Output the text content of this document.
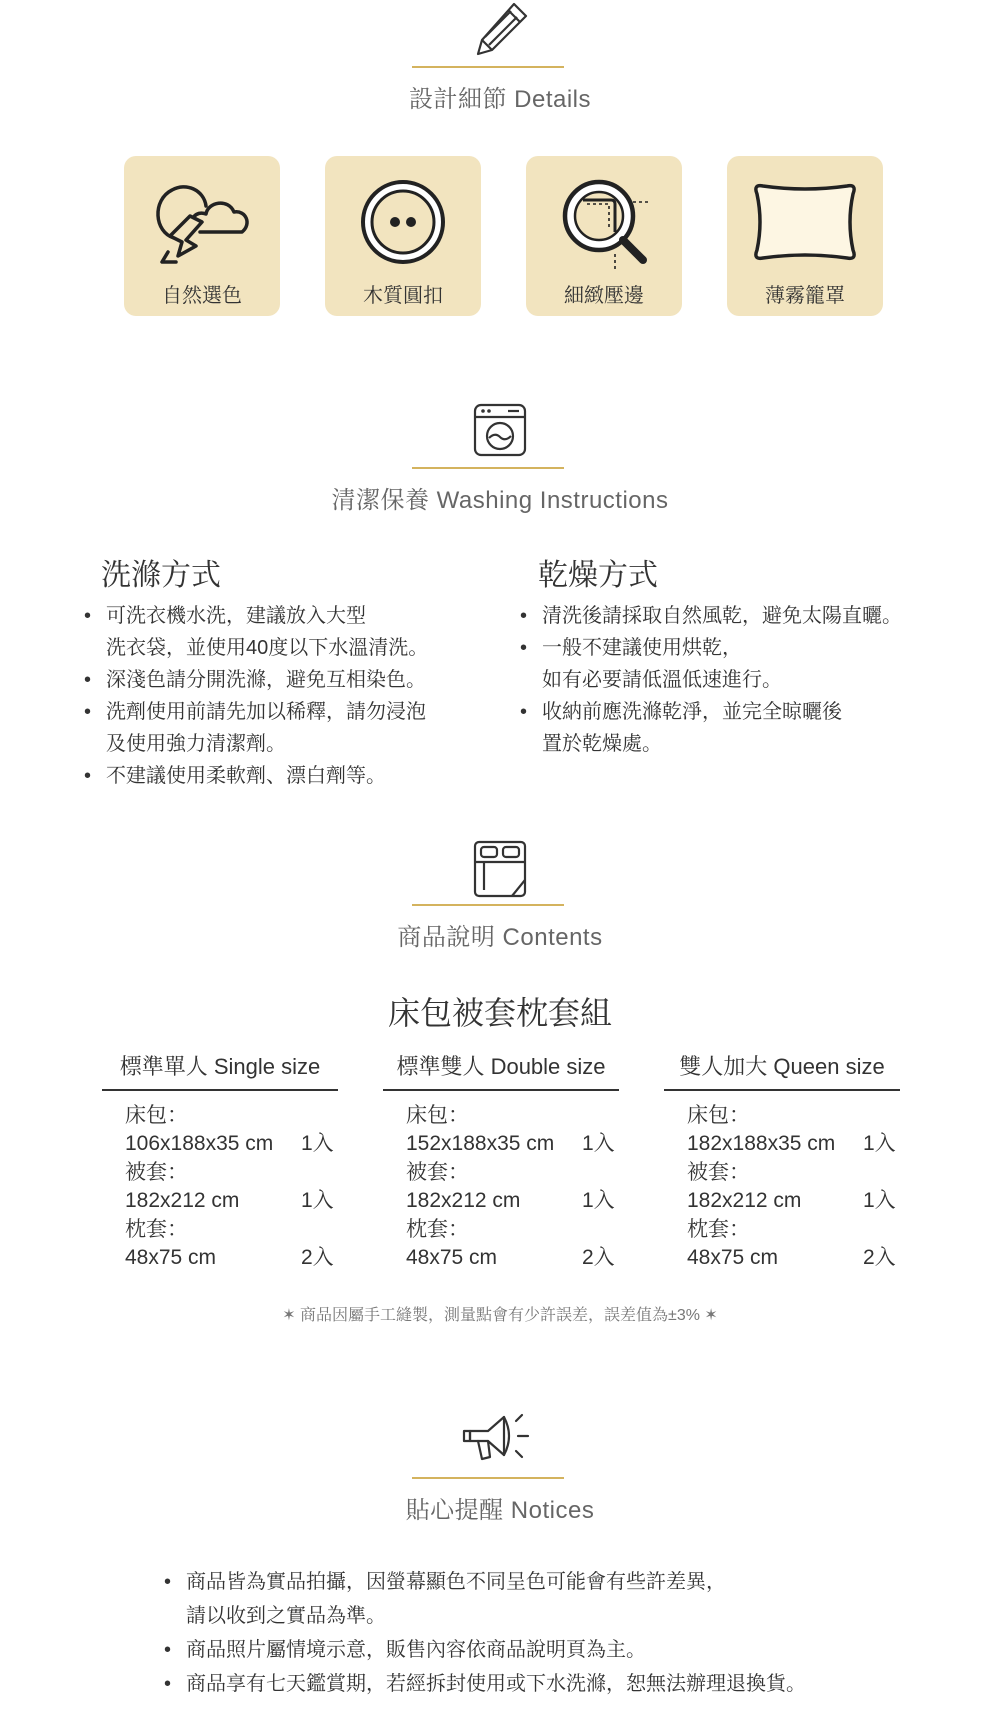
設計細節 Details
自然選色	木質圓扣	細緻壓邊	薄霧籠罩
清潔保養 Washing Instructions
洗滌方式
• 可洗衣機水洗，建議放入大型
洗衣袋，並使用40度以下水溫清洗。
• 深淺色請分開洗滌，避免互相染色。
• 洗劑使用前請先加以稀釋，請勿浸泡
及使用強力清潔劑。
• 不建議使用柔軟劑、漂白劑等。
乾燥方式
• 清洗後請採取自然風乾，避免太陽直曬。
• 一般不建議使用烘乾，
如有必要請低溫低速進行。
• 收納前應洗滌乾淨，並完全晾曬後
置於乾燥處。
商品說明 Contents
床包被套枕套組
標準單人 Single size
床包：
106x188x35 cm 1入
被套：
182x212 cm	1入
枕套：
48x75 cm	2入
標準雙人 Double size
床包：
152x188x35 cm 1入
被套：
182x212 cm	1入
枕套：
48x75 cm	2入
雙人加大 Queen size
床包：
182x188x35 cm 1入
被套：
182x212 cm	1入
枕套：
48x75 cm	2入
✶ 商品因屬手工縫製，測量點會有少許誤差，誤差值為±3% ✶
貼心提醒 Notices
• 商品皆為實品拍攝，因螢幕顯色不同呈色可能會有些許差異，
請以收到之實品為準。
• 商品照片屬情境示意，販售內容依商品說明頁為主。
• 商品享有七天鑑賞期，若經拆封使用或下水洗滌，恕無法辦理退換貨。
